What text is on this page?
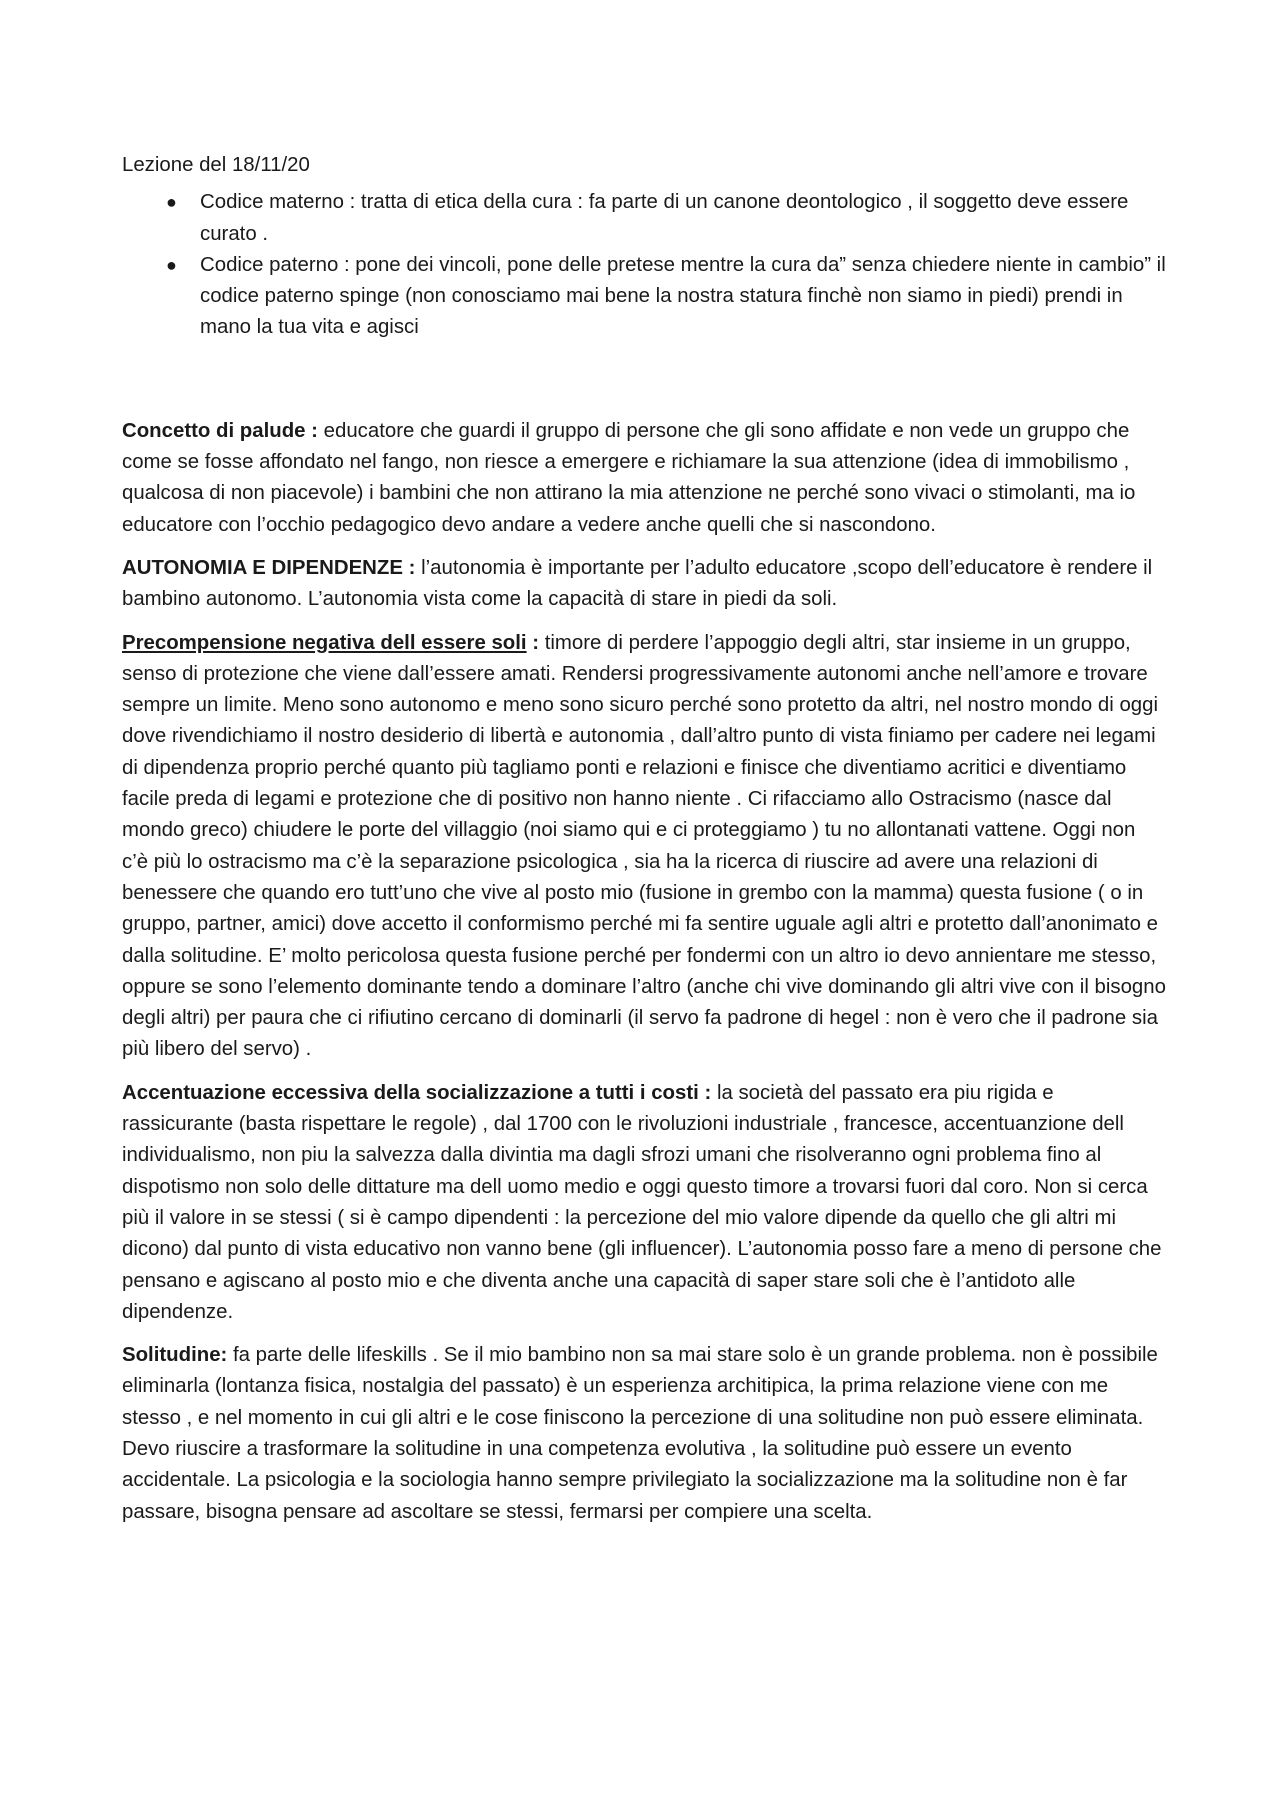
Lezione del 18/11/20
● Codice materno : tratta di etica della cura : fa parte di un canone deontologico , il soggetto deve essere curato .
● Codice paterno : pone dei vincoli, pone delle pretese mentre la cura da” senza chiedere niente in cambio” il codice paterno spinge (non conosciamo mai bene la nostra statura finchè non siamo in piedi) prendi in mano la tua vita e agisci

Concetto di palude : educatore che guardi il gruppo di persone che gli sono affidate e non vede un gruppo che come se fosse affondato nel fango, non riesce a emergere e richiamare la sua attenzione (idea di immobilismo , qualcosa di non piacevole) i bambini che non attirano la mia attenzione ne perché sono vivaci o stimolanti, ma io educatore con l’occhio pedagogico devo andare a vedere anche quelli che si nascondono.

AUTONOMIA E DIPENDENZE : l’autonomia è importante per l’adulto educatore ,scopo dell’educatore è rendere il bambino autonomo. L’autonomia vista come la capacità di stare in piedi da soli.

Precompensione negativa dell essere soli : timore di perdere l’appoggio degli altri, star insieme in un gruppo, senso di protezione che viene dall’essere amati. Rendersi progressivamente autonomi anche nell’amore e trovare sempre un limite. Meno sono autonomo e meno sono sicuro perché sono protetto da altri, nel nostro mondo di oggi dove rivendichiamo il nostro desiderio di libertà e autonomia , dall’altro punto di vista finiamo per cadere nei legami di dipendenza proprio perché quanto più tagliamo ponti e relazioni e finisce che diventiamo acritici e diventiamo facile preda di legami e protezione che di positivo non hanno niente . Ci rifacciamo allo Ostracismo (nasce dal mondo greco) chiudere le porte del villaggio (noi siamo qui e ci proteggiamo ) tu no allontanati vattene. Oggi non c’è più lo ostracismo ma c’è la separazione psicologica , sia ha la ricerca di riuscire ad avere una relazioni di benessere che quando ero tutt’uno che vive al posto mio (fusione in grembo con la mamma) questa fusione ( o in gruppo, partner, amici) dove accetto il conformismo perché mi fa sentire uguale agli altri e protetto dall’anonimato e dalla solitudine. E’ molto pericolosa questa fusione perché per fondermi con un altro io devo annientare me stesso, oppure se sono l’elemento dominante tendo a dominare l’altro (anche chi vive dominando gli altri vive con il bisogno degli altri) per paura che ci rifiutino cercano di dominarli (il servo fa padrone di hegel : non è vero che il padrone sia più libero del servo) .

Accentuazione eccessiva della socializzazione a tutti i costi : la società del passato era piu rigida e rassicurante (basta rispettare le regole) , dal 1700 con le rivoluzioni industriale , francesce, accentuanzione dell individualismo, non piu la salvezza dalla divintia ma dagli sfrozi umani che risolveranno ogni problema fino al dispotismo non solo delle dittature ma dell uomo medio e oggi questo timore a trovarsi fuori dal coro. Non si cerca più il valore in se stessi ( si è campo dipendenti : la percezione del mio valore dipende da quello che gli altri mi dicono) dal punto di vista educativo non vanno bene (gli influencer). L’autonomia posso fare a meno di persone che pensano e agiscano al posto mio e che diventa anche una capacità di saper stare soli che è l’antidoto alle dipendenze.

Solitudine: fa parte delle lifeskills . Se il mio bambino non sa mai stare solo è un grande problema. non è possibile eliminarla (lontanza fisica, nostalgia del passato) è un esperienza architipica, la prima relazione viene con me stesso , e nel momento in cui gli altri e le cose finiscono la percezione di una solitudine non può essere eliminata. Devo riuscire a trasformare la solitudine in una competenza evolutiva , la solitudine può essere un evento accidentale. La psicologia e la sociologia hanno sempre privilegiato la socializzazione ma la solitudine non è far passare, bisogna pensare ad ascoltare se stessi, fermarsi per compiere una scelta.
